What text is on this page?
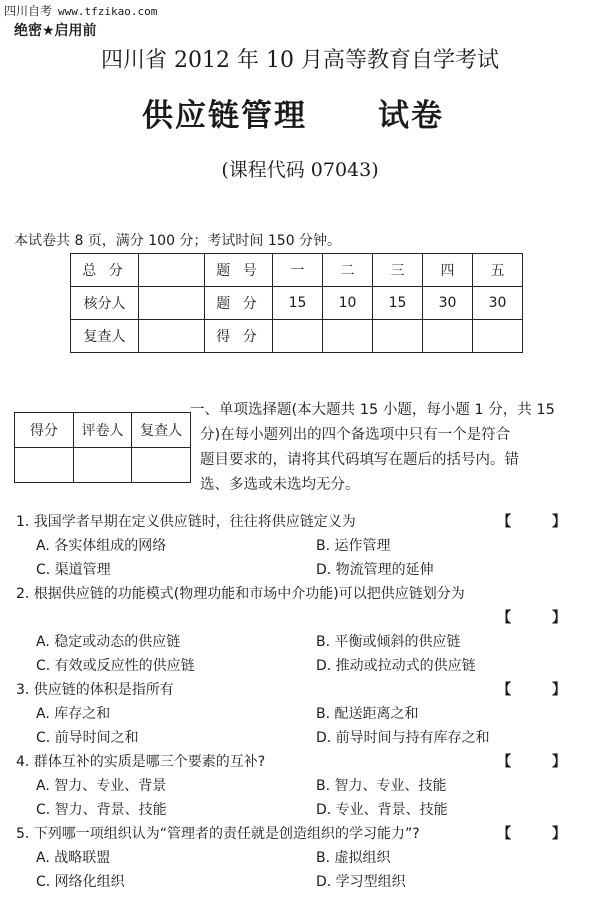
四川自考 www.tfzikao.com
绝密★启用前
四川省 2012 年 10 月高等教育自学考试
供应链管理 试卷
(课程代码 07043)
本试卷共 8 页，满分 100 分；考试时间 150 分钟。
总 分		题 号	一	二	三	四	五
核分人		题 分	15	10	15	30	30
复查人		得 分					
得分	评卷人	复查人

一、单项选择题(本大题共 15 小题，每小题 1 分，共 15
分)在每小题列出的四个备选项中只有一个是符合
题目要求的，请将其代码填写在题后的括号内。错
选、多选或未选均无分。
1. 我国学者早期在定义供应链时，往往将供应链定义为	【 】
A. 各实体组成的网络	B. 运作管理
C. 渠道管理	D. 物流管理的延伸
2. 根据供应链的功能模式(物理功能和市场中介功能)可以把供应链划分为
【 】
A. 稳定或动态的供应链	B. 平衡或倾斜的供应链
C. 有效或反应性的供应链	D. 推动或拉动式的供应链
3. 供应链的体积是指所有	【 】
A. 库存之和	B. 配送距离之和
C. 前导时间之和	D. 前导时间与持有库存之和
4. 群体互补的实质是哪三个要素的互补?	【 】
A. 智力、专业、背景	B. 智力、专业、技能
C. 智力、背景、技能	D. 专业、背景、技能
5. 下列哪一项组织认为“管理者的责任就是创造组织的学习能力”?	【 】
A. 战略联盟	B. 虚拟组织
C. 网络化组织	D. 学习型组织
